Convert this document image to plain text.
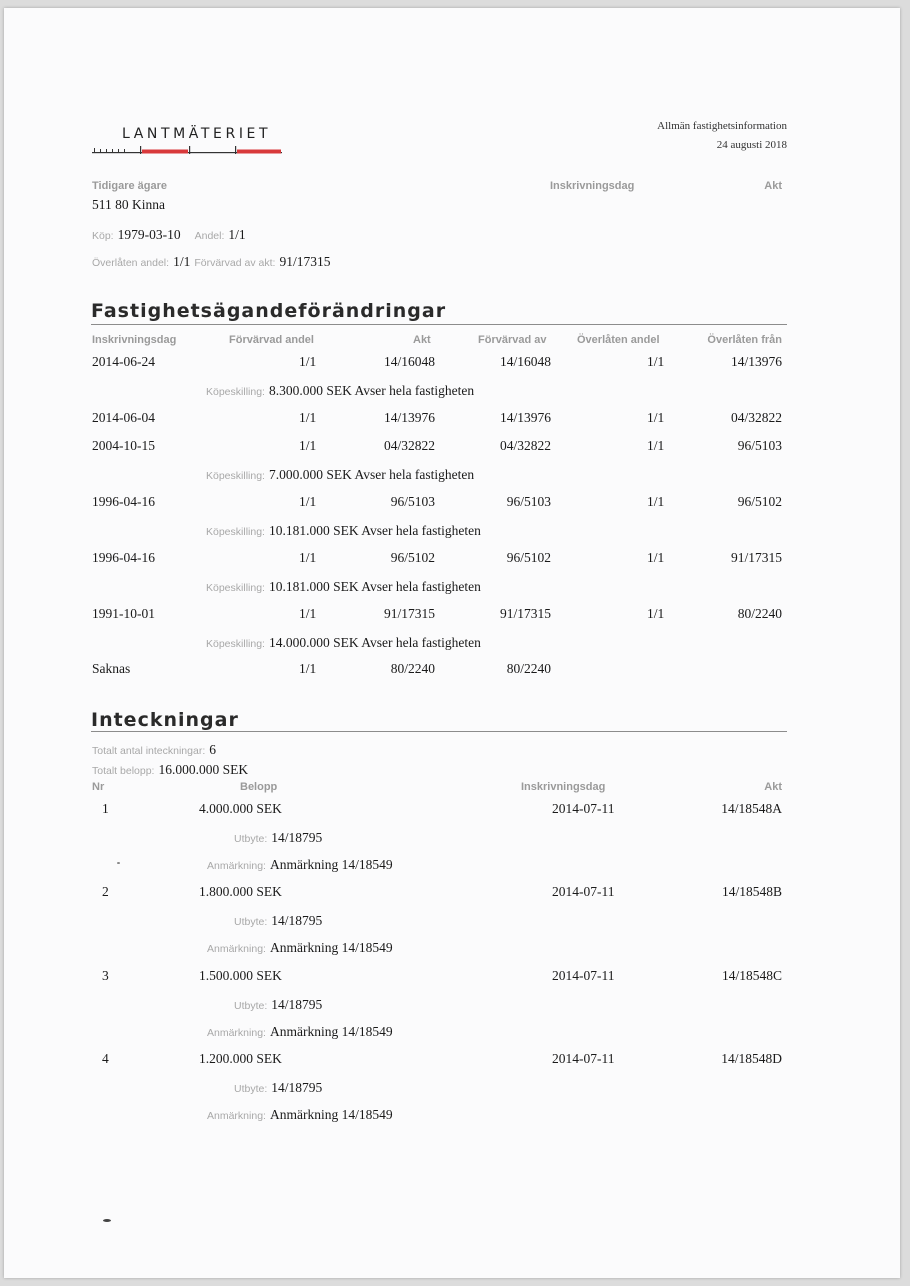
LANTMÄTERIET	Allmän fastighetsinformation
24 augusti 2018
Tidigare ägare	Inskrivningsdag	Akt
511 80 Kinna
Köp: 1979-03-10 Andel: 1/1
Överlåten andel: 1/1 Förvärvad av akt: 91/17315
Fastighetsägandeförändringar
Inskrivningsdag	Förvärvad andel	Akt	Förvärvad av	Överlåten andel	Överlåten från
2014-06-24	1/1	14/16048	14/16048	1/1	14/13976
Köpeskilling: 8.300.000 SEK Avser hela fastigheten
2014-06-04	1/1	14/13976	14/13976	1/1	04/32822
2004-10-15	1/1	04/32822	04/32822	1/1	96/5103
Köpeskilling: 7.000.000 SEK Avser hela fastigheten
1996-04-16	1/1	96/5103	96/5103	1/1	96/5102
Köpeskilling: 10.181.000 SEK Avser hela fastigheten
1996-04-16	1/1	96/5102	96/5102	1/1	91/17315
Köpeskilling: 10.181.000 SEK Avser hela fastigheten
1991-10-01	1/1	91/17315	91/17315	1/1	80/2240
Köpeskilling: 14.000.000 SEK Avser hela fastigheten
Saknas	1/1	80/2240	80/2240
Inteckningar
Totalt antal inteckningar: 6
Totalt belopp: 16.000.000 SEK
Nr	Belopp	Inskrivningsdag	Akt
1	4.000.000 SEK	2014-07-11	14/18548A
Utbyte: 14/18795
Anmärkning: Anmärkning 14/18549
2	1.800.000 SEK	2014-07-11	14/18548B
Utbyte: 14/18795
Anmärkning: Anmärkning 14/18549
3	1.500.000 SEK	2014-07-11	14/18548C
Utbyte: 14/18795
Anmärkning: Anmärkning 14/18549
4	1.200.000 SEK	2014-07-11	14/18548D
Utbyte: 14/18795
Anmärkning: Anmärkning 14/18549
